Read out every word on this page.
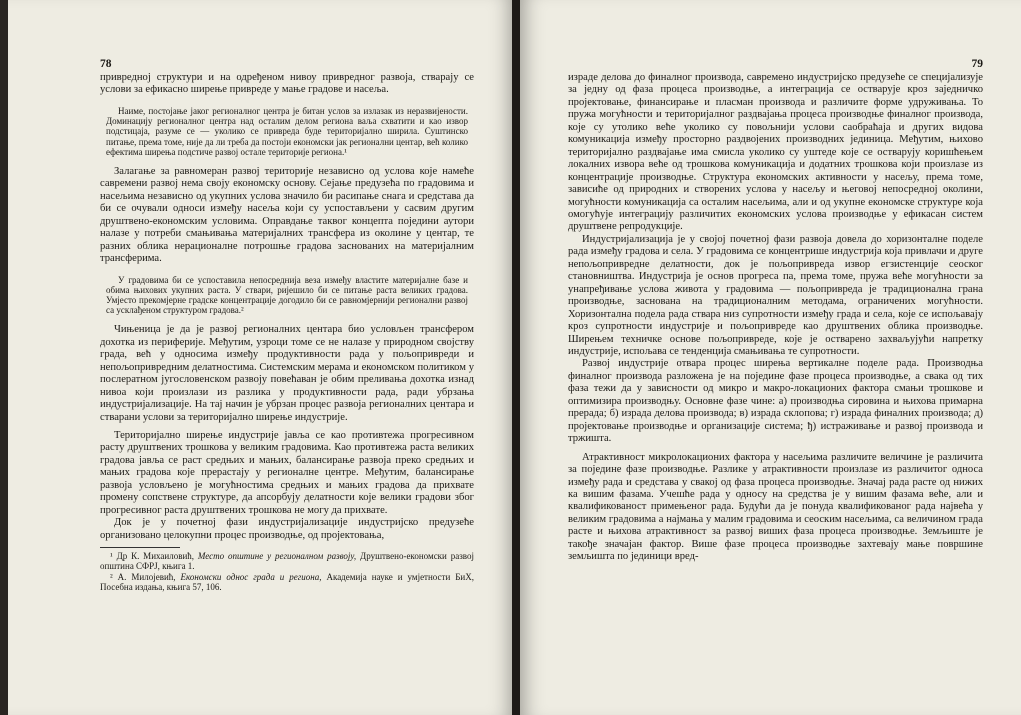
78

привредној структури и на одређеном нивоу привредног развоја, стварају се услови за ефикасно ширење привреде у мање градове и насеља.

Наиме, постојање јаког регионалног центра је битан услов за излазак из неразвијености. Доминацију регионалног центра над осталим делом региона ваља схватити и као извор подстицаја, разуме се — уколико се привреда буде територијално ширила. Суштинско питање, према томе, није да ли треба да постоји економски јак регионални центар, већ колико ефектима ширења подстиче развој остале територије региона.¹

Залагање за равномеран развој територије независно од услова које намеће савремени развој нема своју економску основу. Сејање предузећа по градовима и насељима независно од укупних услова значило би расипање снага и средстава да би се очували односи између насеља који су успостављени у сасвим другим друштвено-економским условима. Оправдање таквог концепта поједини аутори налазе у потреби смањивања материјалних трансфера из околине у центар, те разних облика нерационалне потрошње градова засновaних на материјалним трансферима.

У градовима би се успоставила непосреднија веза између властите материјалне базе и обима њихових укупних раста. У ствари, ријешило би се питање раста великих градова. Умјесто прекомјерне градске концентрације догодило би се равномјернији регионални развој са усклађеном структуром градова.²

Чињеница је да је развој регионалних центара био условљен трансфером дохотка из периферије. Међутим, узроци томе се не налазе у природном својству града, већ у односима између продуктивности рада у пољопривреди и непољопривредним делатностима. Системским мерама и економском политиком у послератном југословенском развоју повећаван је обим преливања дохотка изнад нивоа који произлази из разлика у продуктивности рада, ради убрзања индустријализације. На тај начин је убрзан процес развоја регионалних центара и стварани услови за територијално ширење индустрије.

Територијално ширење индустрије јавља се као противтежа прогресивном расту друштвених трошкова у великим градовима. Као противтежа раста великих градова јавља се раст средњих и мањих, балансирање развоја преко средњих и мањих градова које прерастају у регионалне центре. Међутим, балансирање развоја условљено је могућностима средњих и мањих градова да прихвате промену сопствене структуре, да апсорбују делатности које велики градови због прогресивног раста друштвених трошкова не могу да прихвате.

Док је у почетној фази индустријализације индустријско предузеће организовано целокупни процес производње, од пројектовања,

¹ Др К. Михаиловић, Место општине у регионалном развоју, Друштвено-економски развој општина СФРЈ, књига 1.

² А. Милојевић, Економски однос града и региона, Академија науке и умјетности БиХ, Посебна издања, књига 57, 106.

79

израде делова до финалног производа, савремено индустријско предузеће се специјализује за једну од фаза процеса производње, а интеграција се остварује кроз заједничко пројектовање, финансирање и пласман производа и различите форме удруживања. То пружа могућности и територијалног раздвајања процеса производње финалног производа, које су утолико веће уколико су повољнији услови саобраћаја и других видова комуникација између просторно раздвојених производних јединица. Међутим, њихово територијално раздвајање има смисла уколико су уштеде које се остварују коришћењем локалних извора веће од трошкова комуникација и додатних трошкова који произлазе из концентрације производње. Структура економских активности у насељу, према томе, зависиће од природних и створених услова у насељу и његовој непосредној околини, могућности комуникација са осталим насељима, али и од укупне економске структуре која омогућује интеграцију различитих економских услова производње у ефикасан систем друштвене репродукције.

Индустријализација је у својој почетној фази развоја довела до хоризонталне поделе рада између градова и села. У градовима се концентрише индустрија која привлачи и друге непољопривредне делатности, док је пољопривреда извор егзистенције сеоског становништва. Индустрија је основ прогреса па, према томе, пружа веће могућности за унапређивање услова живота у градовима — пољопривреда је традиционална грана производње, заснована на традиционалним методама, ограничених могућности. Хоризонтална подела рада ствара низ супротности између града и села, које се испољавају кроз супротности индустрије и пољопривреде као друштвених облика производње. Ширењем техничке основе пољопривреде, које је остварено захваљујући напретку индустрије, испољава се тенденција смањивања те супротности.

Развој индустрије отвара процес ширења вертикалне поделе рада. Производња финалног производа разложена је на поједине фазе процеса производње, а свака од тих фаза тежи да у зависности од микро и макро-локационих фактора смањи трошкове и оптимизира производњу. Основне фазе чине: а) производња сировина и њихова примарна прерада; б) израда делова производа; в) израда склопова; г) израда финалних производа; д) пројектовање производње и организације система; ђ) истраживање и развој производа и тржишта.

Атрактивност микролокационих фактора у насељима различите величине је различита за поједине фазе производње. Разлике у атрактивности произлазе из различитог односа између рада и средстава у свакој од фаза процеса производње. Значај рада расте од нижих ка вишим фазама. Учешће рада у односу на средства је у вишим фазама веће, али и квалификованост примењеног рада. Будући да је понуда квалификованог рада највећа у великим градовима а најмања у малим градовима и сеоским насељима, са величином града расте и њихова атрактивност за развој виших фаза процеса производње. Земљиште је такође значајан фактор. Више фазе процеса производње захтевају мање површине земљишта по јединици вред-
